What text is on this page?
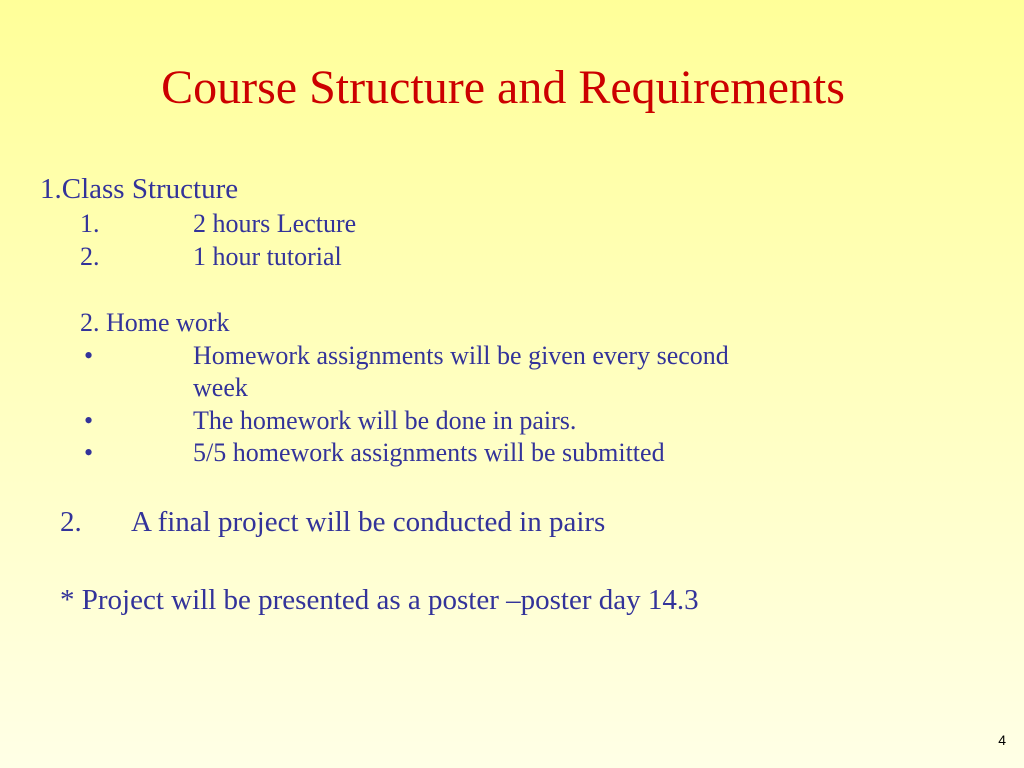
Course Structure and Requirements
1.Class Structure
1.	2 hours Lecture
2.	1 hour tutorial
2. Home work
•	Homework assignments will be given every second
week
•	The homework will be done in pairs.
•	5/5 homework assignments will be submitted
2. A final project will be conducted in pairs
* Project will be presented as a poster –poster day 14.3
4
